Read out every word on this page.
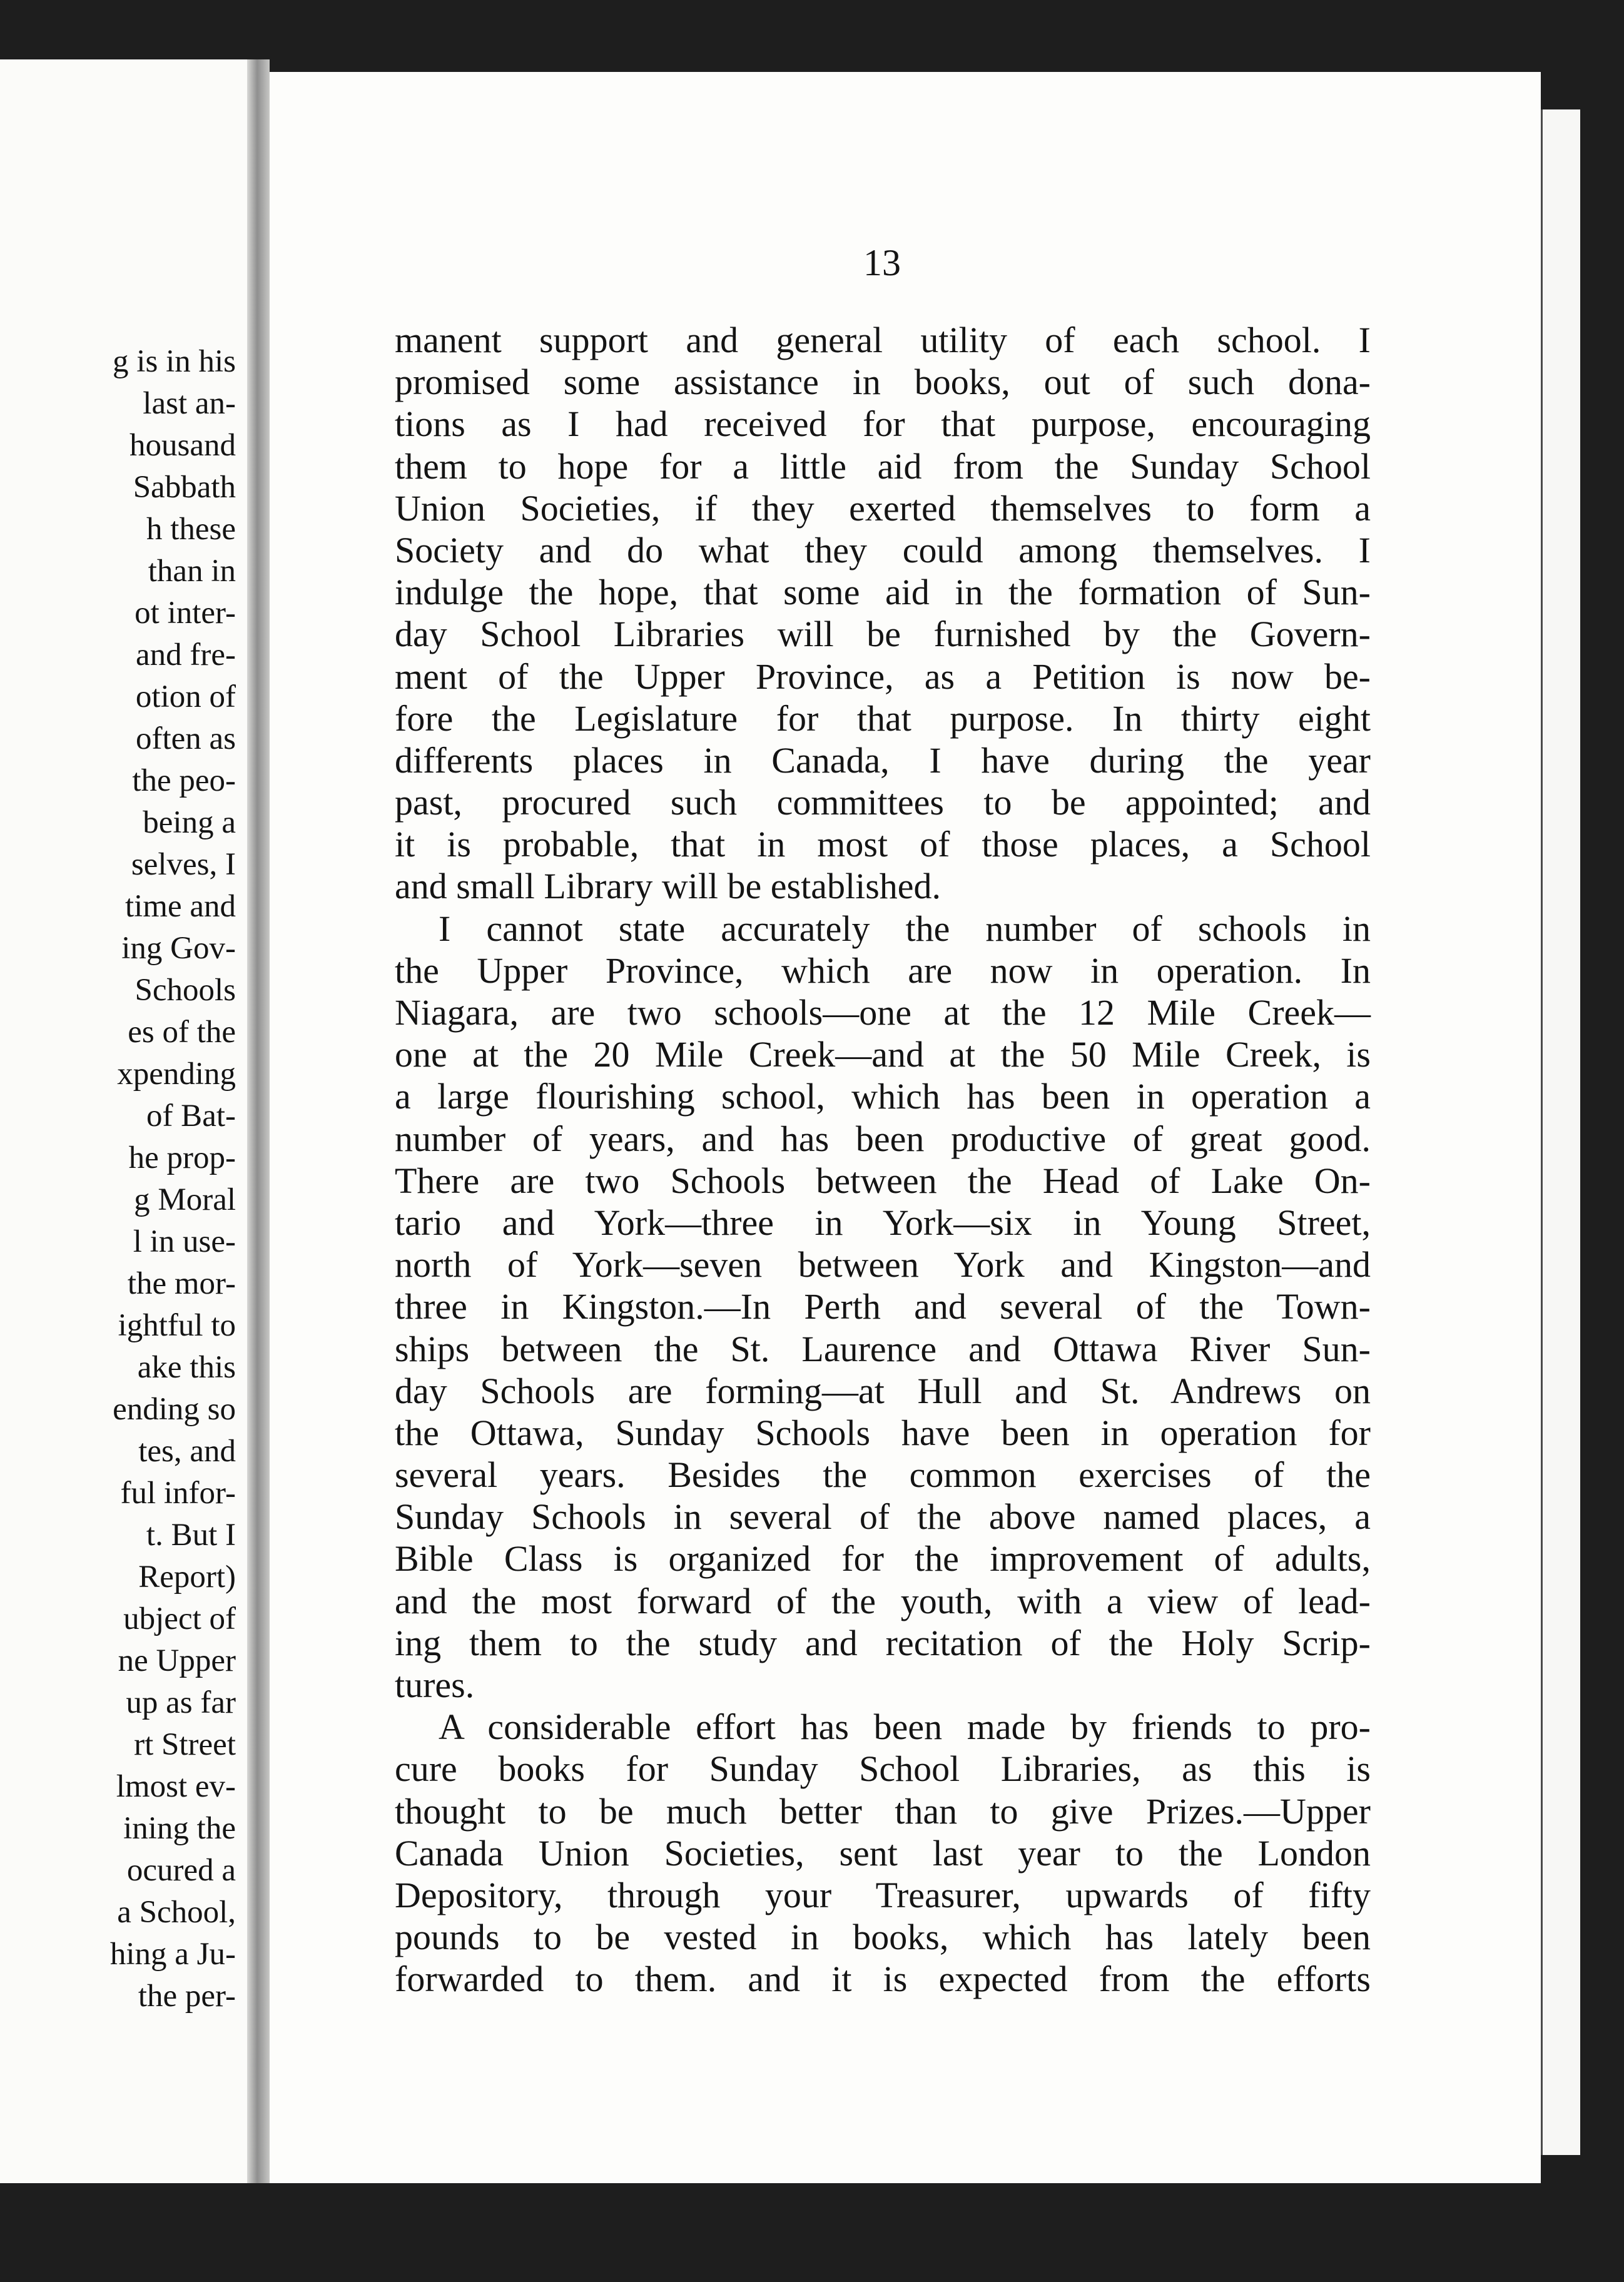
g is in his
last an-
housand
Sabbath
h these
than in
ot inter-
and fre-
otion of
often as
the peo-
being a
selves, I
time and
ing Gov-
Schools
es of the
xpending
of Bat-
he prop-
g Moral
l in use-
the mor-
ightful to
ake this
ending so
tes, and
ful infor-
t. But I
Report)
ubject of
ne Upper
up as far
rt Street
lmost ev-
ining the
ocured a
a School,
hing a Ju-
the per-
13
manent support and general utility of each school. I
promised some assistance in books, out of such dona-
tions as I had received for that purpose, encouraging
them to hope for a little aid from the Sunday School
Union Societies, if they exerted themselves to form a
Society and do what they could among themselves. I
indulge the hope, that some aid in the formation of Sun-
day School Libraries will be furnished by the Govern-
ment of the Upper Province, as a Petition is now be-
fore the Legislature for that purpose. In thirty eight
differents places in Canada, I have during the year
past, procured such committees to be appointed; and
it is probable, that in most of those places, a School
and small Library will be established.
I cannot state accurately the number of schools in
the Upper Province, which are now in operation. In
Niagara, are two schools—one at the 12 Mile Creek—
one at the 20 Mile Creek—and at the 50 Mile Creek, is
a large flourishing school, which has been in operation a
number of years, and has been productive of great good.
There are two Schools between the Head of Lake On-
tario and York—three in York—six in Young Street,
north of York—seven between York and Kingston—and
three in Kingston.—In Perth and several of the Town-
ships between the St. Laurence and Ottawa River Sun-
day Schools are forming—at Hull and St. Andrews on
the Ottawa, Sunday Schools have been in operation for
several years. Besides the common exercises of the
Sunday Schools in several of the above named places, a
Bible Class is organized for the improvement of adults,
and the most forward of the youth, with a view of lead-
ing them to the study and recitation of the Holy Scrip-
tures.
A considerable effort has been made by friends to pro-
cure books for Sunday School Libraries, as this is
thought to be much better than to give Prizes.—Upper
Canada Union Societies, sent last year to the London
Depository, through your Treasurer, upwards of fifty
pounds to be vested in books, which has lately been
forwarded to them. and it is expected from the efforts
